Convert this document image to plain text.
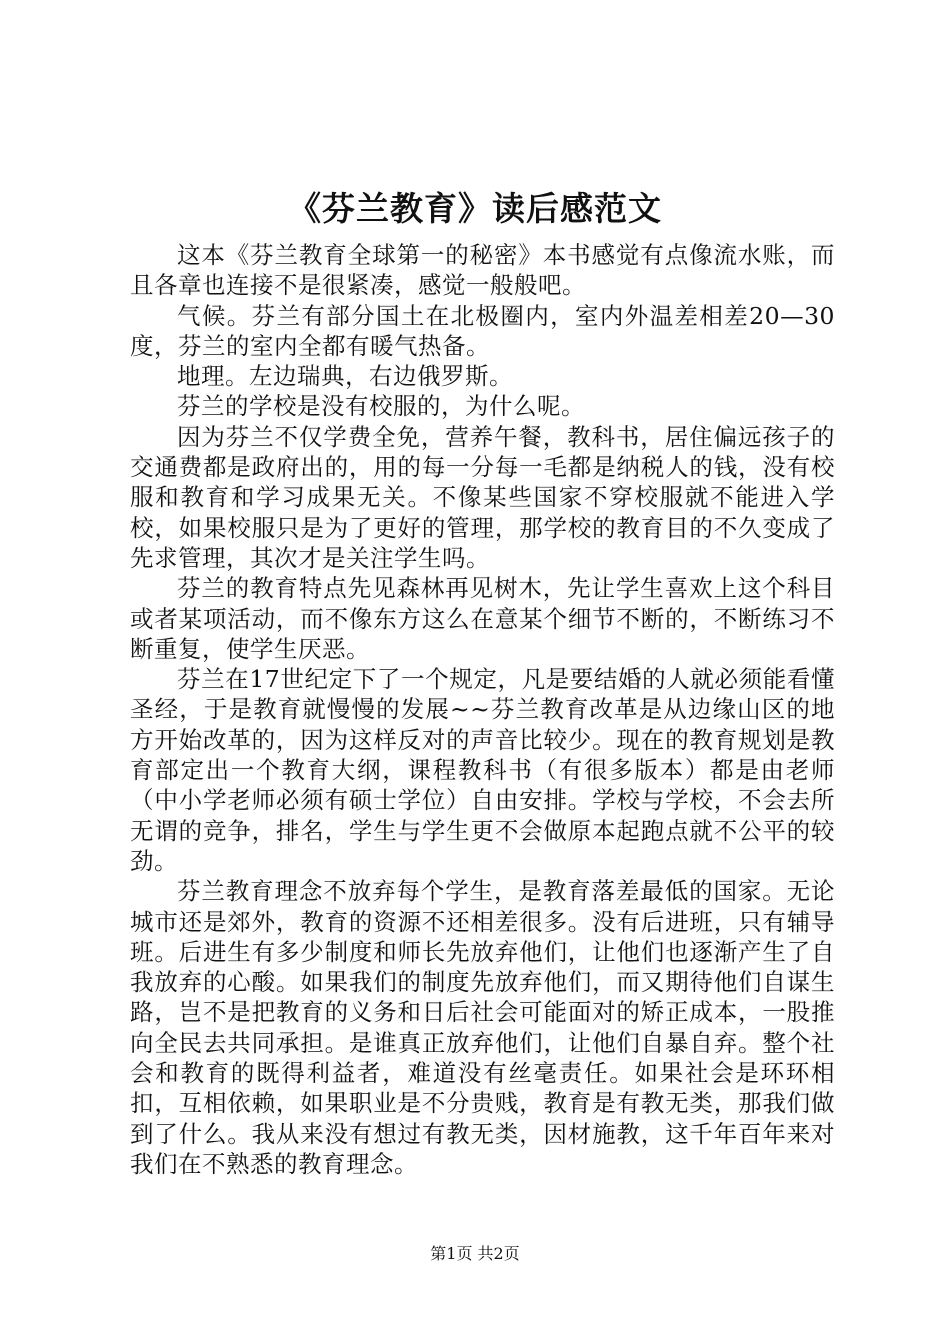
《芬兰教育》读后感范文

这本《芬兰教育全球第一的秘密》本书感觉有点像流水账，而且各章也连接不是很紧凑，感觉一般般吧。

气候。芬兰有部分国土在北极圈内，室内外温差相差20—30度，芬兰的室内全都有暖气热备。

地理。左边瑞典，右边俄罗斯。

芬兰的学校是没有校服的，为什么呢。

因为芬兰不仅学费全免，营养午餐，教科书，居住偏远孩子的交通费都是政府出的，用的每一分每一毛都是纳税人的钱，没有校服和教育和学习成果无关。不像某些国家不穿校服就不能进入学校，如果校服只是为了更好的管理，那学校的教育目的不久变成了先求管理，其次才是关注学生吗。

芬兰的教育特点先见森林再见树木，先让学生喜欢上这个科目或者某项活动，而不像东方这么在意某个细节不断的，不断练习不断重复，使学生厌恶。

芬兰在17世纪定下了一个规定，凡是要结婚的人就必须能看懂圣经，于是教育就慢慢的发展~~芬兰教育改革是从边缘山区的地方开始改革的，因为这样反对的声音比较少。现在的教育规划是教育部定出一个教育大纲，课程教科书（有很多版本）都是由老师（中小学老师必须有硕士学位）自由安排。学校与学校，不会去所无谓的竞争，排名，学生与学生更不会做原本起跑点就不公平的较劲。

芬兰教育理念不放弃每个学生，是教育落差最低的国家。无论城市还是郊外，教育的资源不还相差很多。没有后进班，只有辅导班。后进生有多少制度和师长先放弃他们，让他们也逐渐产生了自我放弃的心酸。如果我们的制度先放弃他们，而又期待他们自谋生路，岂不是把教育的义务和日后社会可能面对的矫正成本，一股推向全民去共同承担。是谁真正放弃他们，让他们自暴自弃。整个社会和教育的既得利益者，难道没有丝毫责任。如果社会是环环相扣，互相依赖，如果职业是不分贵贱，教育是有教无类，那我们做到了什么。我从来没有想过有教无类，因材施教，这千年百年来对我们在不熟悉的教育理念。

第1页 共2页
